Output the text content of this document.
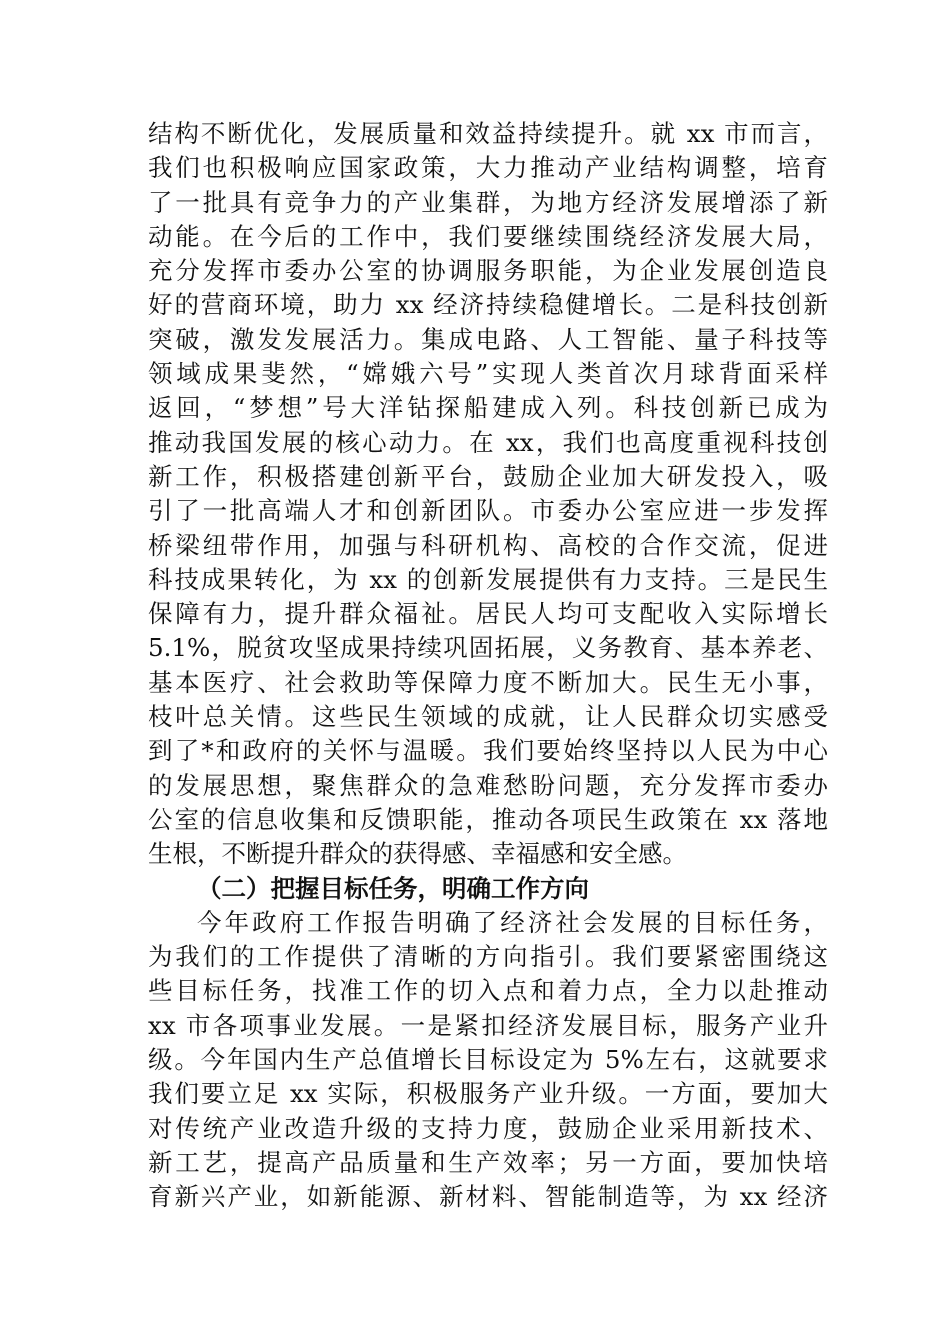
结构不断优化，发展质量和效益持续提升。就 xx 市而言，
我们也积极响应国家政策，大力推动产业结构调整，培育
了一批具有竞争力的产业集群，为地方经济发展增添了新
动能。在今后的工作中，我们要继续围绕经济发展大局，
充分发挥市委办公室的协调服务职能，为企业发展创造良
好的营商环境，助力 xx 经济持续稳健增长。二是科技创新
突破，激发发展活力。集成电路、人工智能、量子科技等
领域成果斐然，“嫦娥六号”实现人类首次月球背面采样
返回，“梦想”号大洋钻探船建成入列。科技创新已成为
推动我国发展的核心动力。在 xx，我们也高度重视科技创
新工作，积极搭建创新平台，鼓励企业加大研发投入，吸
引了一批高端人才和创新团队。市委办公室应进一步发挥
桥梁纽带作用，加强与科研机构、高校的合作交流，促进
科技成果转化，为 xx 的创新发展提供有力支持。三是民生
保障有力，提升群众福祉。居民人均可支配收入实际增长
5.1%，脱贫攻坚成果持续巩固拓展，义务教育、基本养老、
基本医疗、社会救助等保障力度不断加大。民生无小事，
枝叶总关情。这些民生领域的成就，让人民群众切实感受
到了*和政府的关怀与温暖。我们要始终坚持以人民为中心
的发展思想，聚焦群众的急难愁盼问题，充分发挥市委办
公室的信息收集和反馈职能，推动各项民生政策在 xx 落地
生根，不断提升群众的获得感、幸福感和安全感。
（二）把握目标任务，明确工作方向
今年政府工作报告明确了经济社会发展的目标任务，
为我们的工作提供了清晰的方向指引。我们要紧密围绕这
些目标任务，找准工作的切入点和着力点，全力以赴推动
xx 市各项事业发展。一是紧扣经济发展目标，服务产业升
级。今年国内生产总值增长目标设定为 5%左右，这就要求
我们要立足 xx 实际，积极服务产业升级。一方面，要加大
对传统产业改造升级的支持力度，鼓励企业采用新技术、
新工艺，提高产品质量和生产效率；另一方面，要加快培
育新兴产业，如新能源、新材料、智能制造等，为 xx 经济
